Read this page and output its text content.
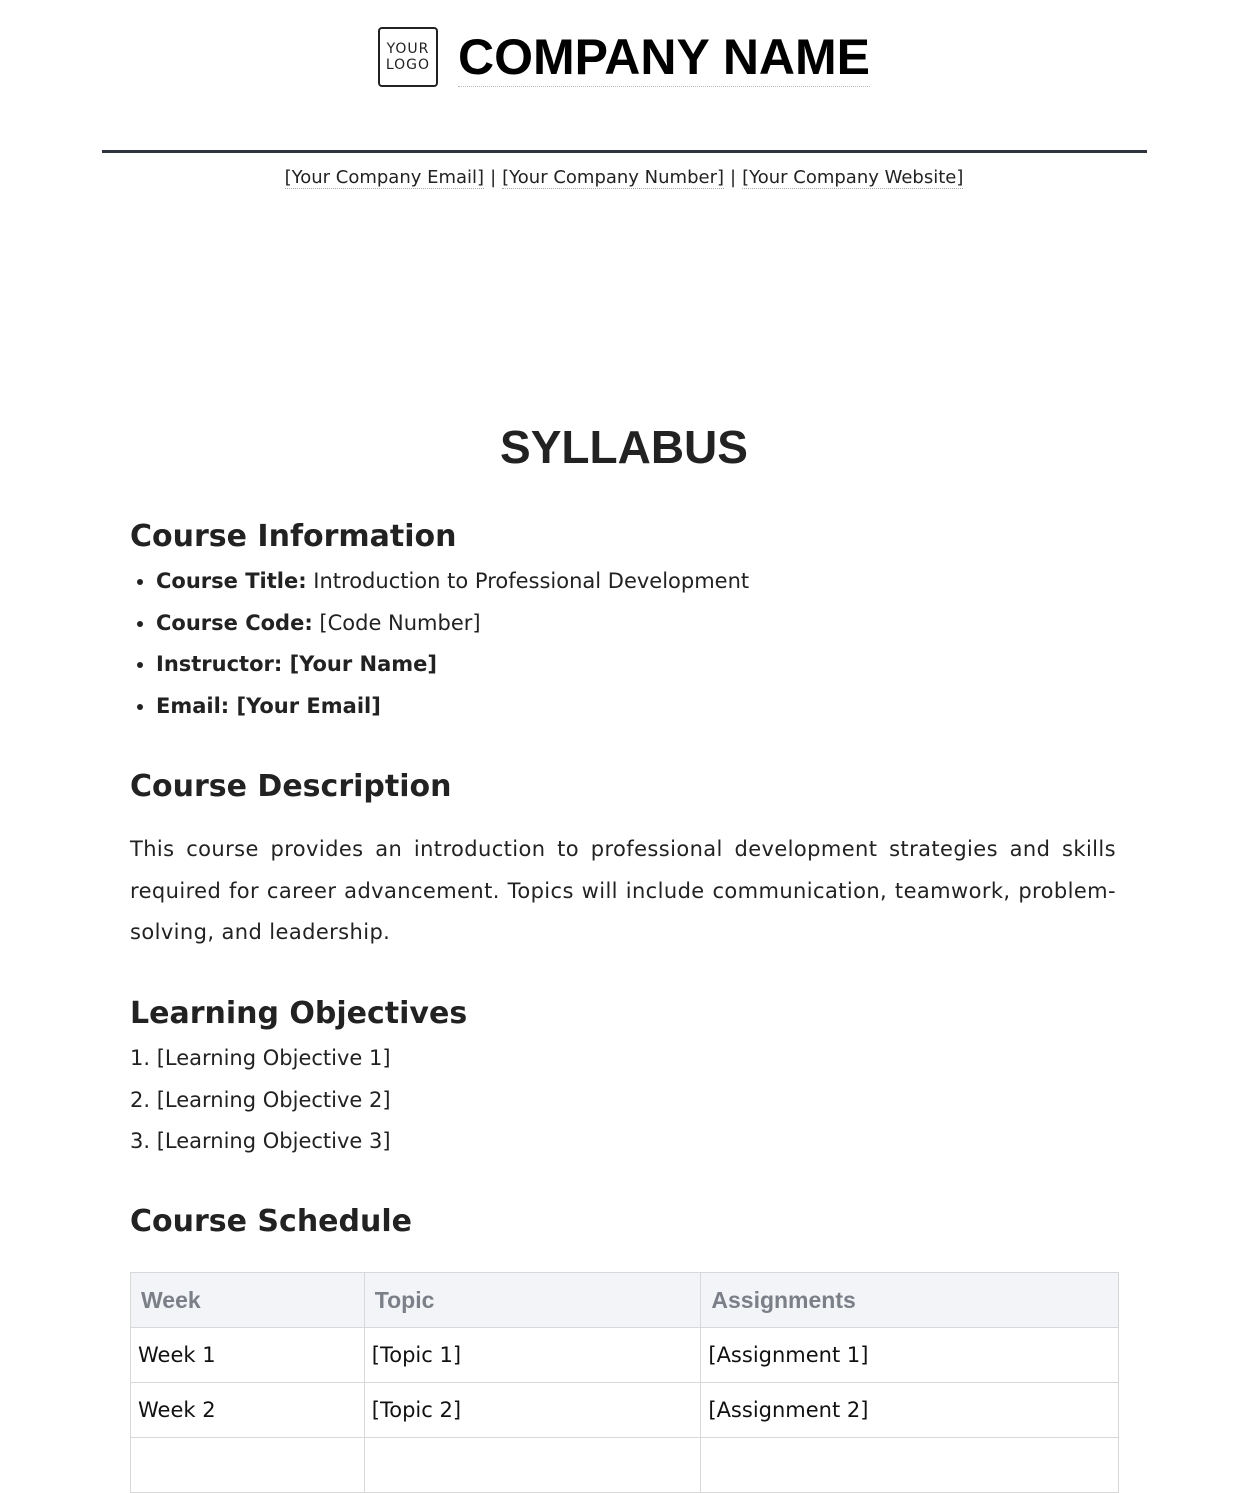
YOUR
LOGO COMPANY NAME
[Your Company Email] | [Your Company Number] | [Your Company Website]
SYLLABUS
Course Information
• Course Title: Introduction to Professional Development
• Course Code: [Code Number]
• Instructor: [Your Name]
• Email: [Your Email]
Course Description

This course provides an introduction to professional development strategies and skills required for career advancement. Topics will include communication, teamwork, problem-solving, and leadership.

Learning Objectives
1. [Learning Objective 1]
2. [Learning Objective 2]
3. [Learning Objective 3]
Course Schedule
Week	Topic	Assignments
Week 1	[Topic 1]	[Assignment 1]
Week 2	[Topic 2]	[Assignment 2]
